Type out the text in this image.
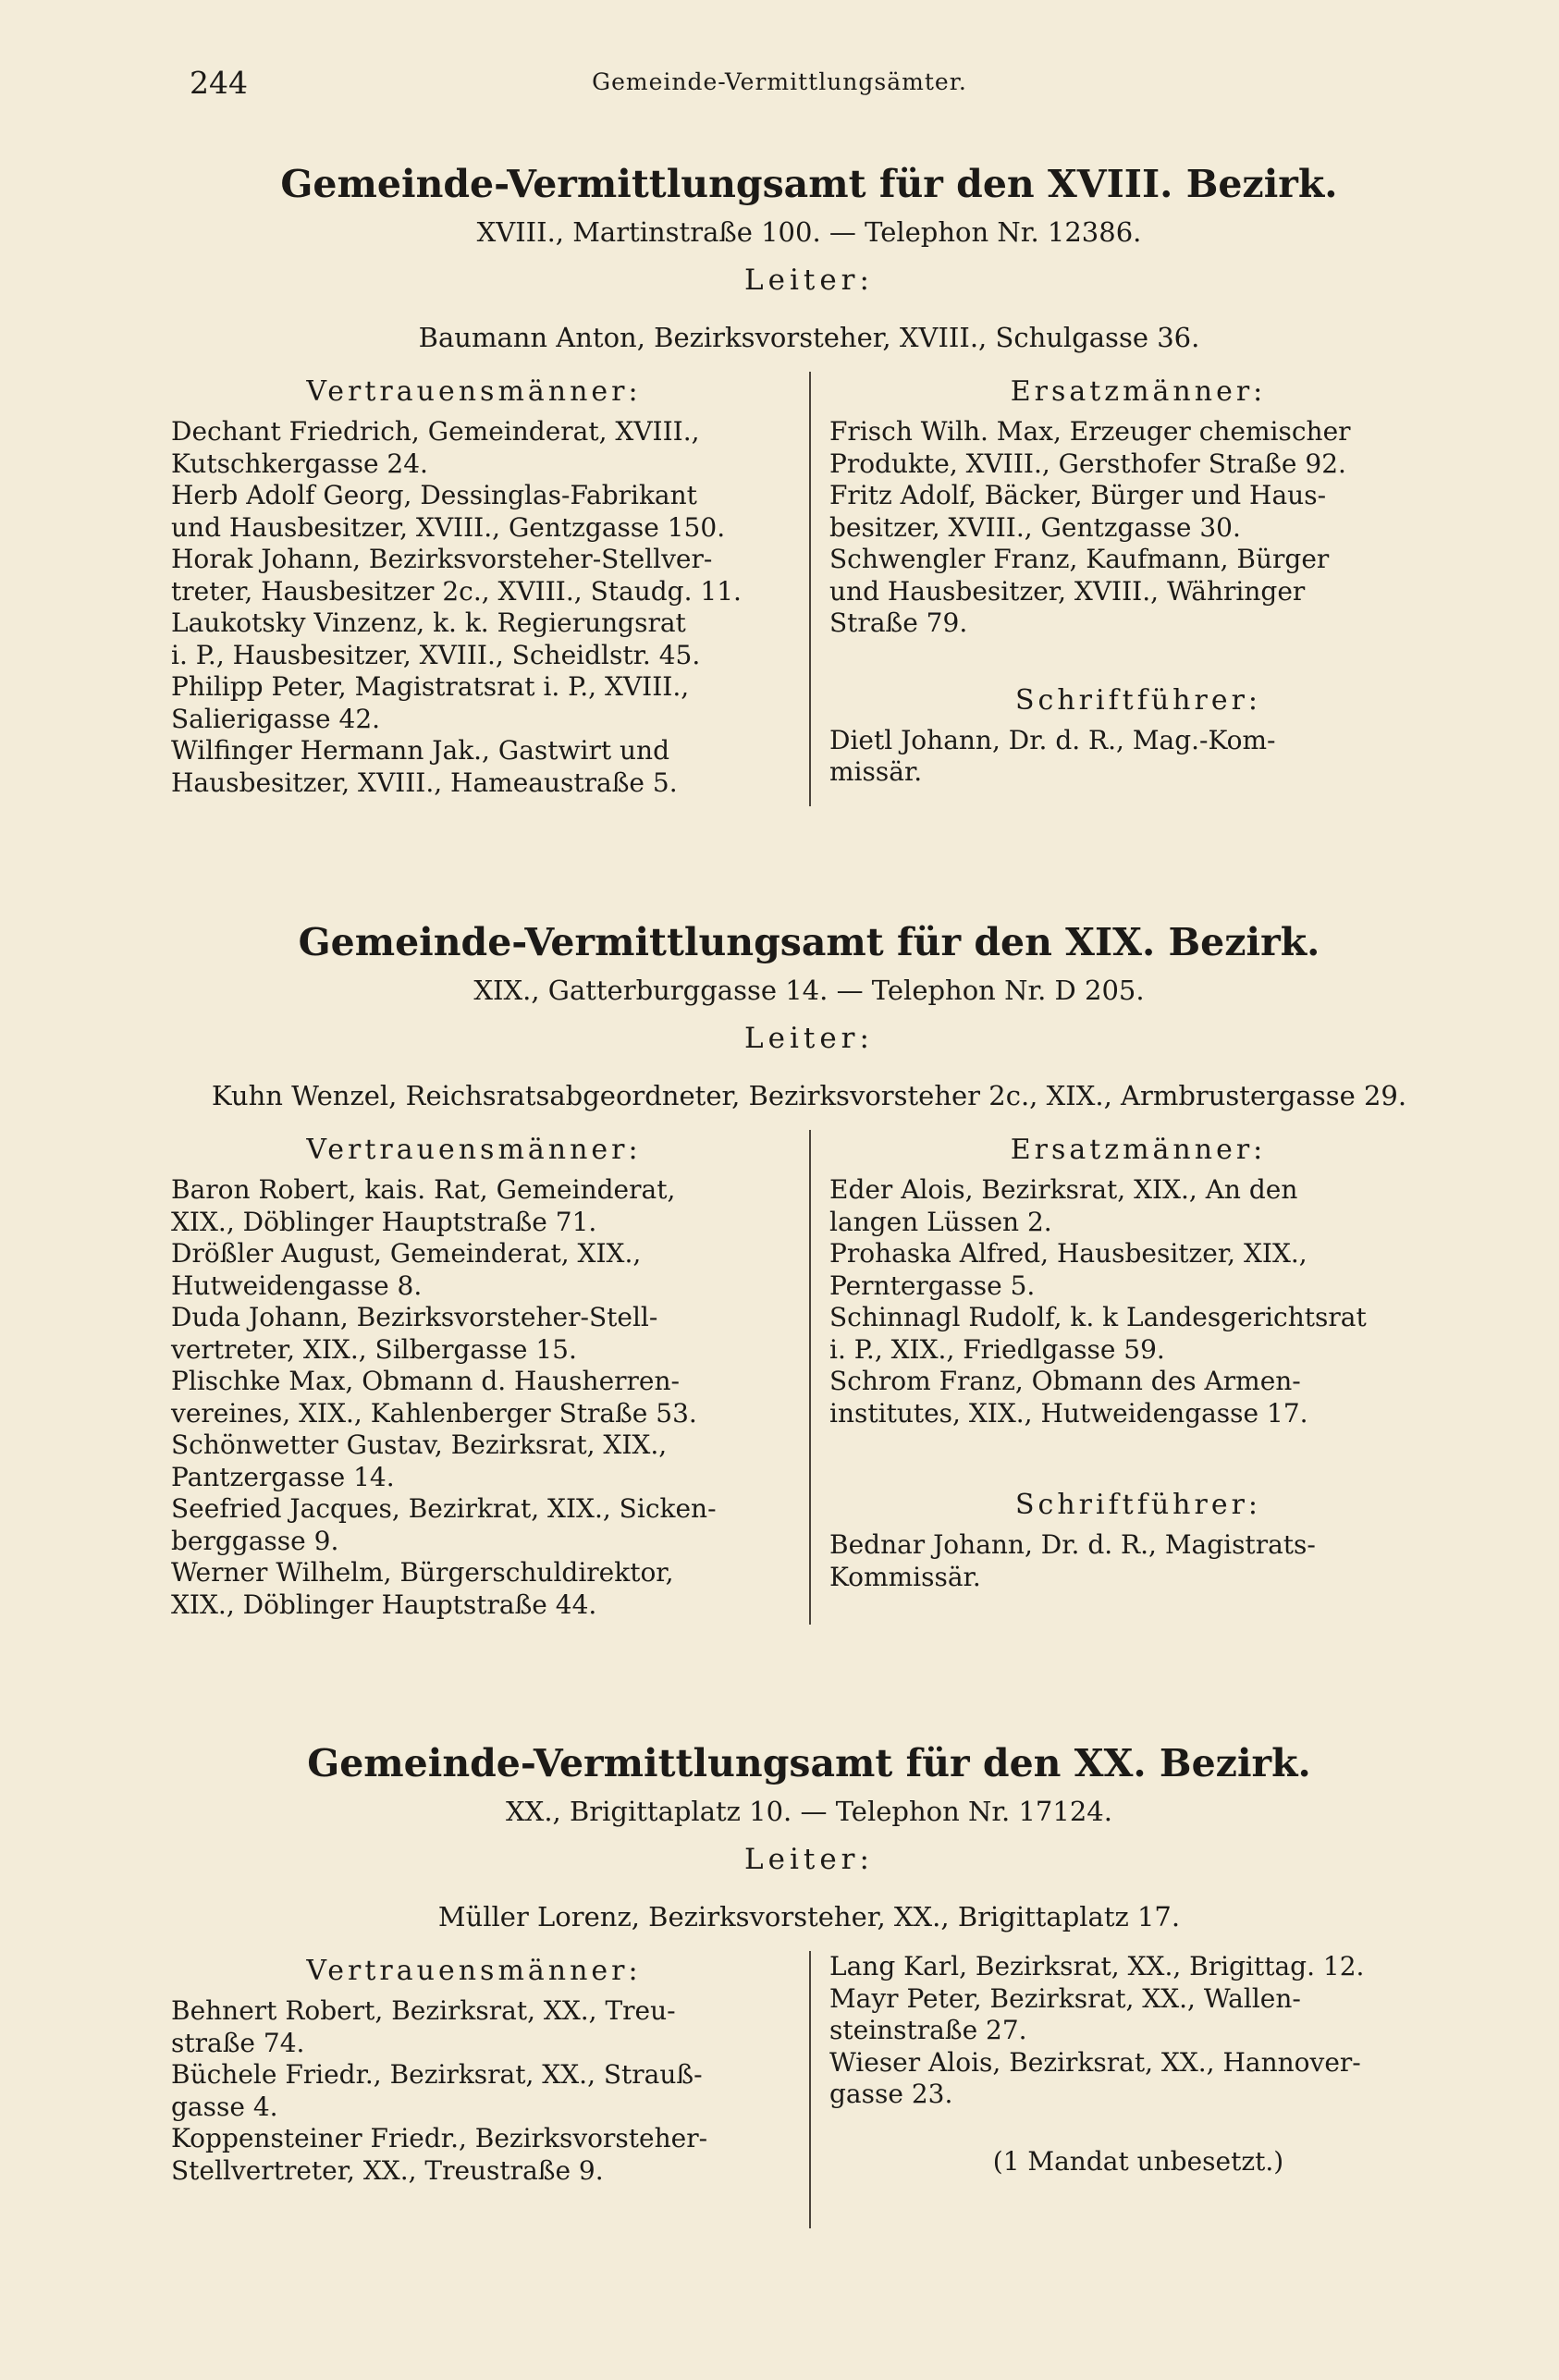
244	Gemeinde-Vermittlungsämter.
Gemeinde-Vermittlungsamt für den XVIII. Bezirk.
XVIII., Martinstraße 100. — Telephon Nr. 12386.
Leiter:
Baumann Anton, Bezirksvorsteher, XVIII., Schulgasse 36.
Vertrauensmänner:
Dechant Friedrich, Gemeinderat, XVIII.,
Kutschkergasse 24.
Herb Adolf Georg, Dessinglas-Fabrikant
und Hausbesitzer, XVIII., Gentzgasse 150.
Horak Johann, Bezirksvorsteher-Stellver-
treter, Hausbesitzer 2c., XVIII., Staudg. 11.
Laukotsky Vinzenz, k. k. Regierungsrat
i. P., Hausbesitzer, XVIII., Scheidlstr. 45.
Philipp Peter, Magistratsrat i. P., XVIII.,
Salierigasse 42.
Wilfinger Hermann Jak., Gastwirt und
Hausbesitzer, XVIII., Hameaustraße 5.
Ersatzmänner:
Frisch Wilh. Max, Erzeuger chemischer
Produkte, XVIII., Gersthofer Straße 92.
Fritz Adolf, Bäcker, Bürger und Haus-
besitzer, XVIII., Gentzgasse 30.
Schwengler Franz, Kaufmann, Bürger
und Hausbesitzer, XVIII., Währinger
Straße 79.
Schriftführer:
Dietl Johann, Dr. d. R., Mag.-Kom-
missär.
Gemeinde-Vermittlungsamt für den XIX. Bezirk.
XIX., Gatterburggasse 14. — Telephon Nr. D 205.
Leiter:
Kuhn Wenzel, Reichsratsabgeordneter, Bezirksvorsteher 2c., XIX., Armbrustergasse 29.
Vertrauensmänner:
Baron Robert, kais. Rat, Gemeinderat,
XIX., Döblinger Hauptstraße 71.
Drößler August, Gemeinderat, XIX.,
Hutweidengasse 8.
Duda Johann, Bezirksvorsteher-Stell-
vertreter, XIX., Silbergasse 15.
Plischke Max, Obmann d. Hausherren-
vereines, XIX., Kahlenberger Straße 53.
Schönwetter Gustav, Bezirksrat, XIX.,
Pantzergasse 14.
Seefried Jacques, Bezirkrat, XIX., Sicken-
berggasse 9.
Werner Wilhelm, Bürgerschuldirektor,
XIX., Döblinger Hauptstraße 44.
Ersatzmänner:
Eder Alois, Bezirksrat, XIX., An den
langen Lüssen 2.
Prohaska Alfred, Hausbesitzer, XIX.,
Perntergasse 5.
Schinnagl Rudolf, k. k Landesgerichtsrat
i. P., XIX., Friedlgasse 59.
Schrom Franz, Obmann des Armen-
institutes, XIX., Hutweidengasse 17.
Schriftführer:
Bednar Johann, Dr. d. R., Magistrats-
Kommissär.
Gemeinde-Vermittlungsamt für den XX. Bezirk.
XX., Brigittaplatz 10. — Telephon Nr. 17124.
Leiter:
Müller Lorenz, Bezirksvorsteher, XX., Brigittaplatz 17.
Vertrauensmänner:
Behnert Robert, Bezirksrat, XX., Treu-
straße 74.
Büchele Friedr., Bezirksrat, XX., Strauß-
gasse 4.
Koppensteiner Friedr., Bezirksvorsteher-
Stellvertreter, XX., Treustraße 9.
Lang Karl, Bezirksrat, XX., Brigittag. 12.
Mayr Peter, Bezirksrat, XX., Wallen-
steinstraße 27.
Wieser Alois, Bezirksrat, XX., Hannover-
gasse 23.
(1 Mandat unbesetzt.)
